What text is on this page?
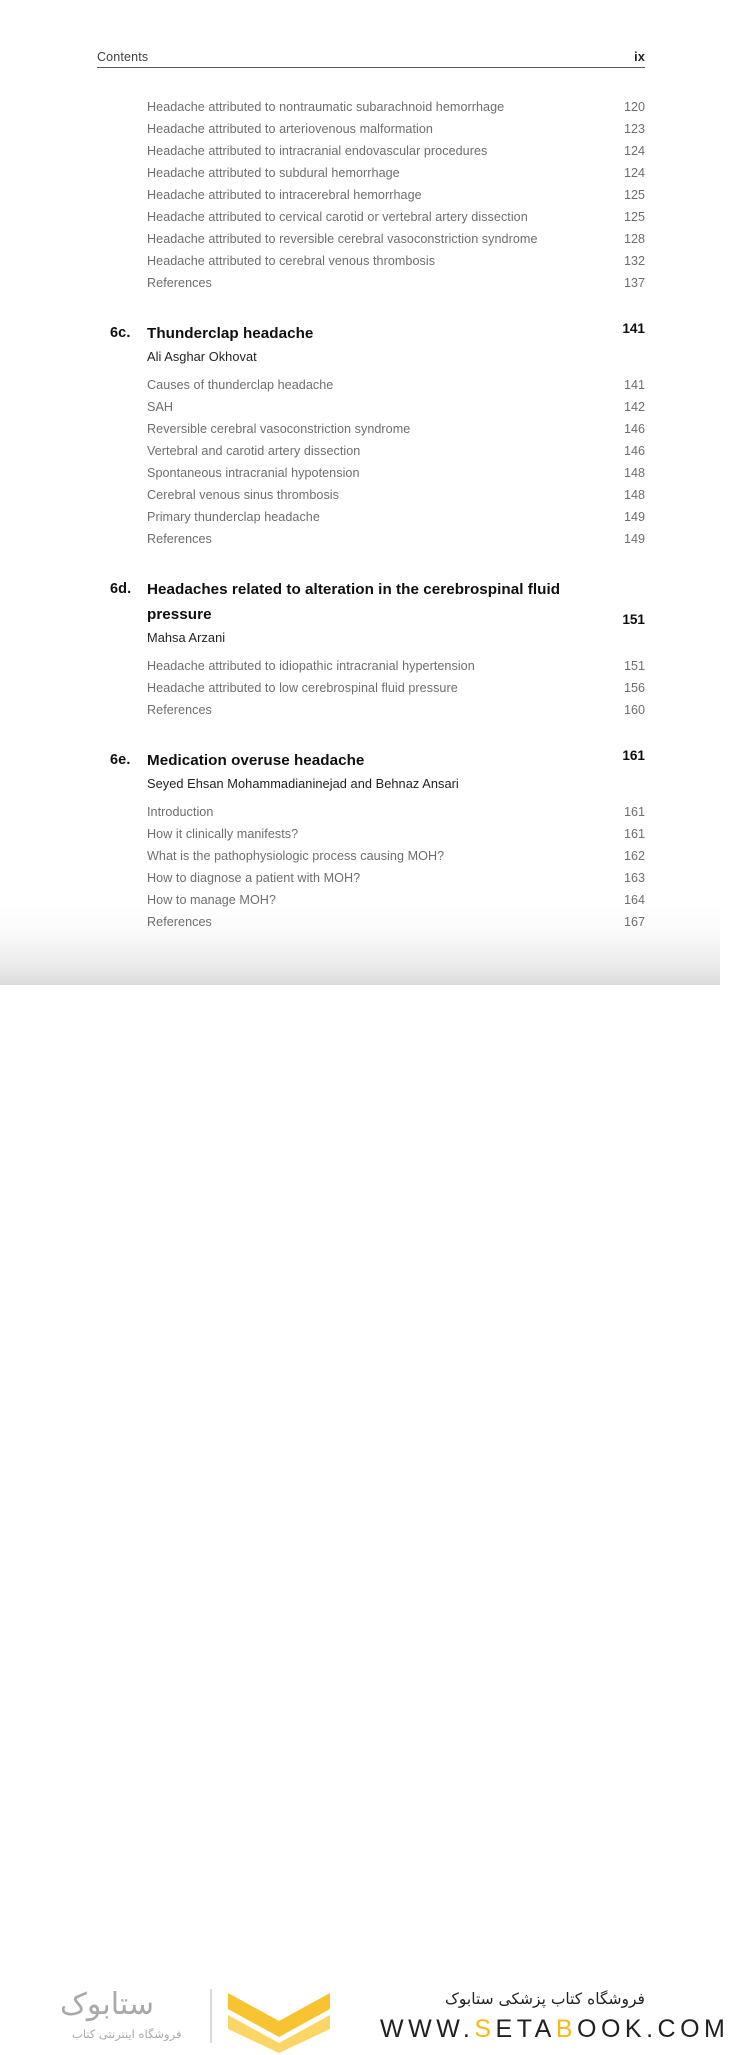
Contents	ix
Headache attributed to nontraumatic subarachnoid hemorrhage	120
Headache attributed to arteriovenous malformation	123
Headache attributed to intracranial endovascular procedures	124
Headache attributed to subdural hemorrhage	124
Headache attributed to intracerebral hemorrhage	125
Headache attributed to cervical carotid or vertebral artery dissection	125
Headache attributed to reversible cerebral vasoconstriction syndrome	128
Headache attributed to cerebral venous thrombosis	132
References	137
6c.	Thunderclap headache	141
Ali Asghar Okhovat
Causes of thunderclap headache	141
SAH	142
Reversible cerebral vasoconstriction syndrome	146
Vertebral and carotid artery dissection	146
Spontaneous intracranial hypotension	148
Cerebral venous sinus thrombosis	148
Primary thunderclap headache	149
References	149
6d.	Headaches related to alteration in the cerebrospinal fluid pressure	151
Mahsa Arzani
Headache attributed to idiopathic intracranial hypertension	151
Headache attributed to low cerebrospinal fluid pressure	156
References	160
6e.	Medication overuse headache	161
Seyed Ehsan Mohammadianinejad and Behnaz Ansari
Introduction	161
How it clinically manifests?	161
What is the pathophysiologic process causing MOH?	162
How to diagnose a patient with MOH?	163
How to manage MOH?	164
References	167
ستابوک
فروشگاه اینترنتی کتاب
فروشگاه کتاب پزشکی ستابوک
WWW.SETABOOK.COM
